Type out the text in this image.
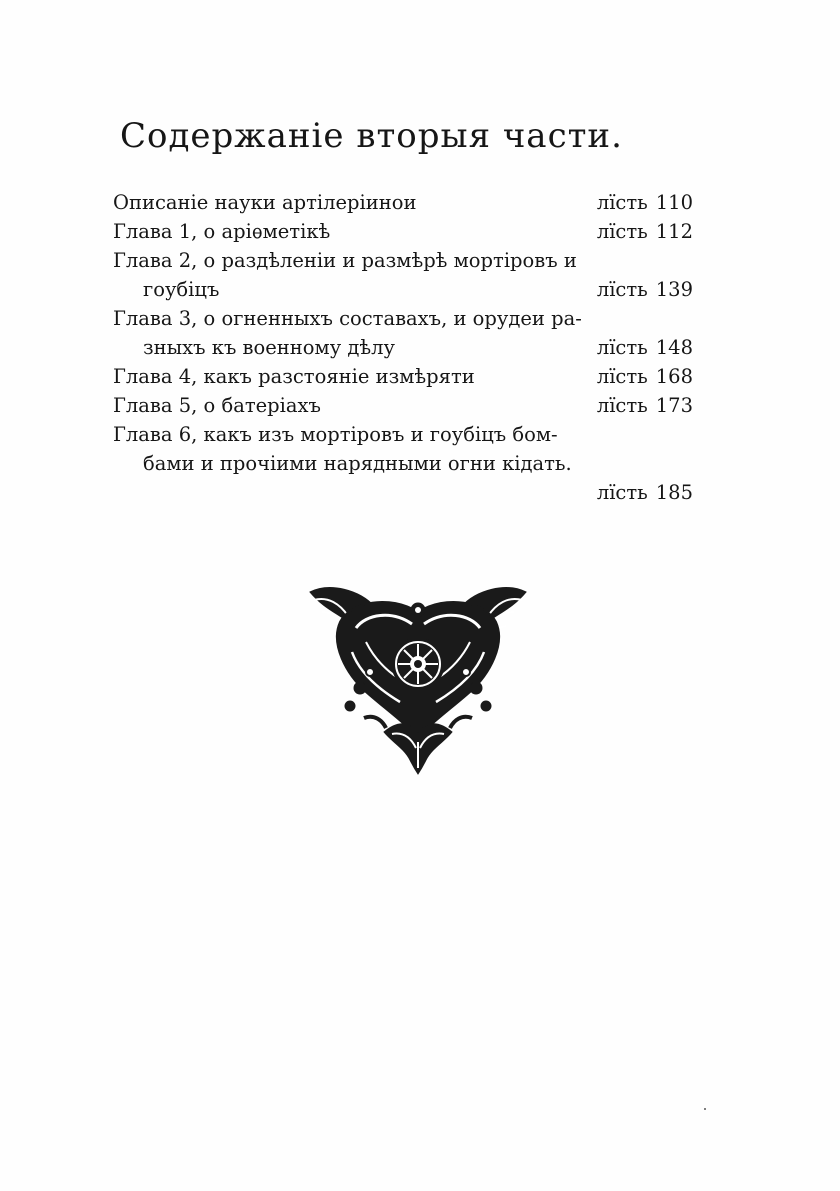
Содержаніе вторыя части.
Описаніе науки артілеріинои	лїсть 110
Глава 1, о аріѳметікѣ	лїсть 112
Глава 2, о раздѣленіи и размѣрѣ мортіровъ и
гоубіцъ	лїсть 139
Глава 3, о огненныхъ составахъ, и орудеи ра-
зныхъ къ военному дѣлу	лїсть 148
Глава 4, какъ разстояніе измѣряти	лїсть 168
Глава 5, о батеріахъ	лїсть 173
Глава 6, какъ изъ мортіровъ и гоубіцъ бом-
бами и прочіими нарядными огни кідать.
лїсть 185
